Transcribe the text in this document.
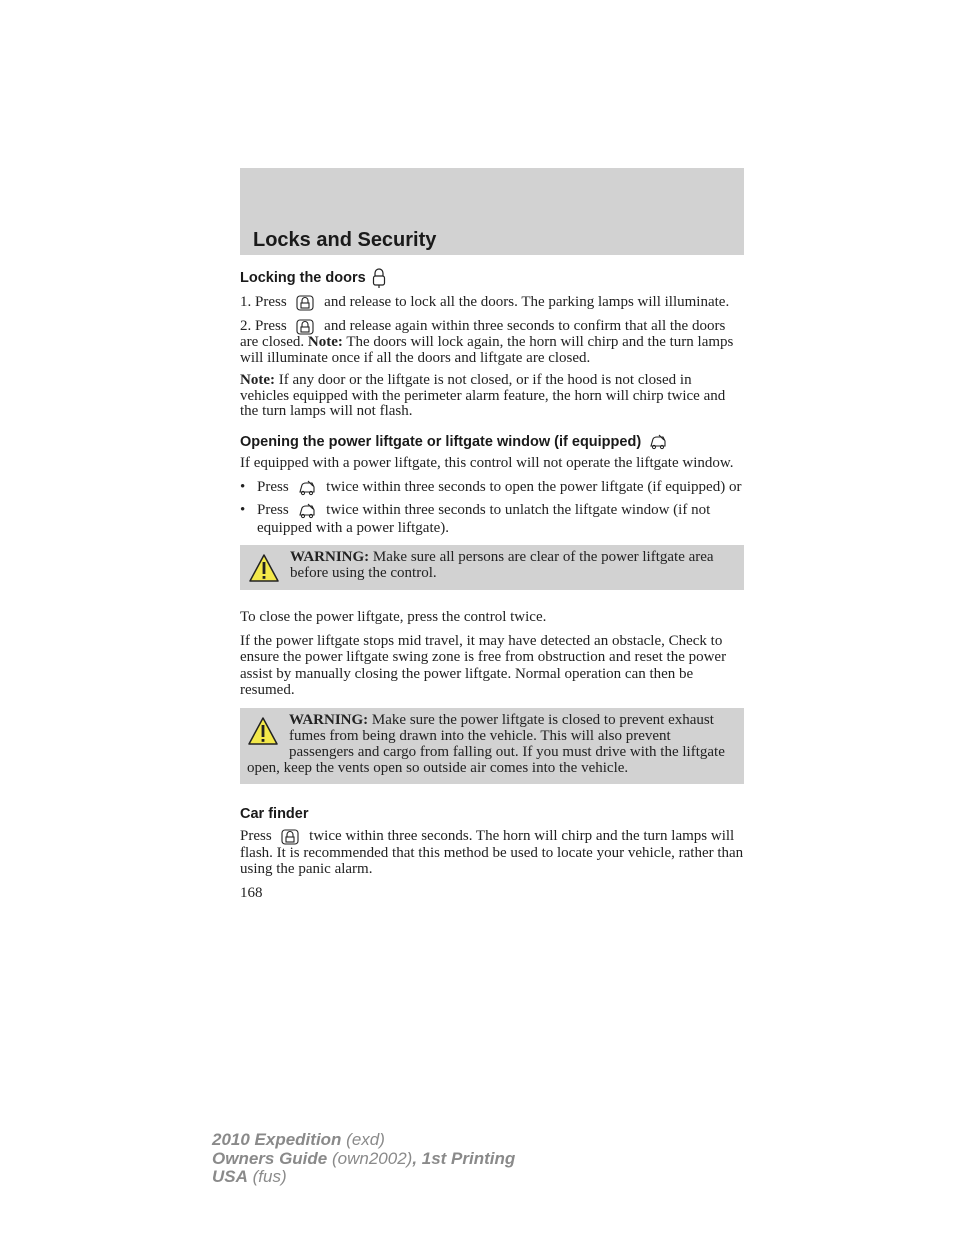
Locks and Security
Locking the doors

1. Press	and release to lock all the doors. The parking lamps will illuminate.

2. Press	and release again within three seconds to confirm that all the doors are closed. Note: The doors will lock again, the horn will chirp and the turn lamps will illuminate once if all the doors and liftgate are closed.

Note: If any door or the liftgate is not closed, or if the hood is not closed in vehicles equipped with the perimeter alarm feature, the horn will chirp twice and the turn lamps will not flash.

Opening the power liftgate or liftgate window (if equipped)

If equipped with a power liftgate, this control will not operate the liftgate window.

• Press	twice within three seconds to open the power liftgate (if equipped) or
• Press	twice within three seconds to unlatch the liftgate window (if not equipped with a power liftgate).
WARNING: Make sure all persons are clear of the power liftgate area before using the control.

To close the power liftgate, press the control twice.

If the power liftgate stops mid travel, it may have detected an obstacle, Check to ensure the power liftgate swing zone is free from obstruction and reset the power assist by manually closing the power liftgate. Normal operation can then be resumed.

WARNING: Make sure the power liftgate is closed to prevent exhaust fumes from being drawn into the vehicle. This will also prevent passengers and cargo from falling out. If you must drive with the liftgate open, keep the vents open so outside air comes into the vehicle.
Car finder

Press	twice within three seconds. The horn will chirp and the turn lamps will flash. It is recommended that this method be used to locate your vehicle, rather than using the panic alarm.

168
2010 Expedition (exd)
Owners Guide (own2002), 1st Printing
USA (fus)
